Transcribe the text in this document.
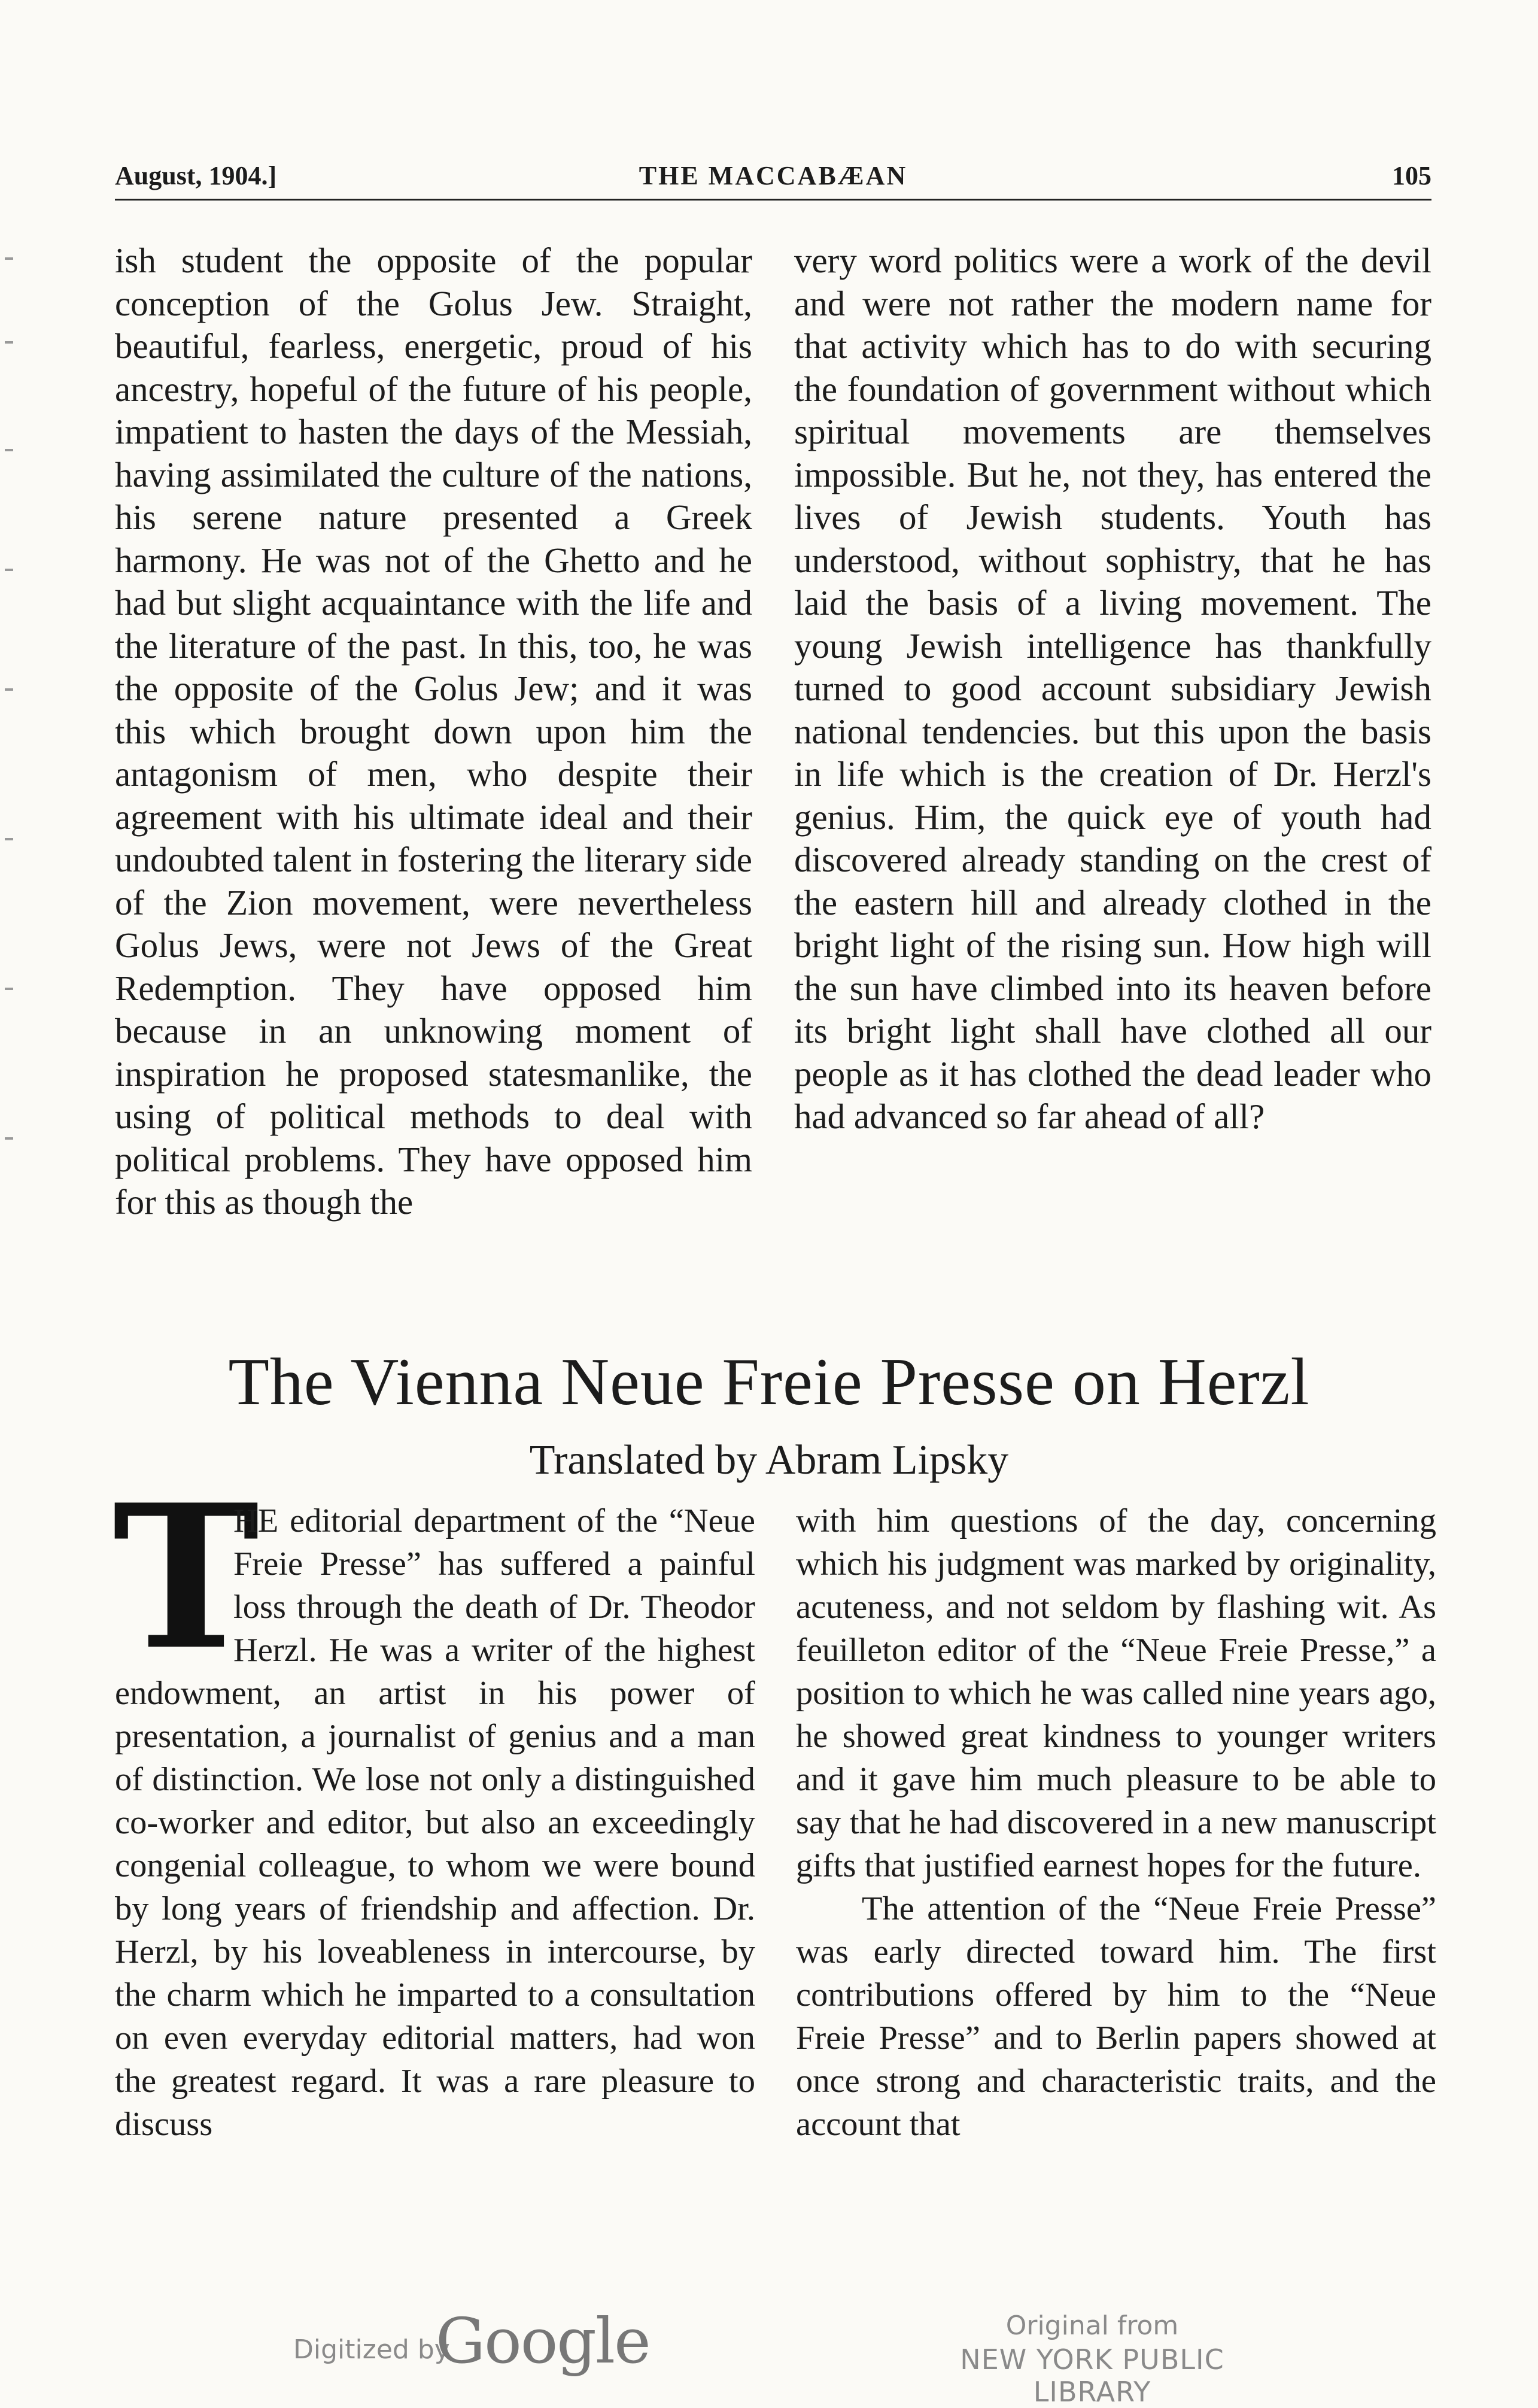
August, 1904.]	THE MACCABÆAN	105

ish student the opposite of the popular conception of the Golus Jew. Straight, beautiful, fearless, energetic, proud of his ancestry, hopeful of the future of his people, impatient to hasten the days of the Messiah, having assimilated the culture of the nations, his serene nature presented a Greek harmony. He was not of the Ghetto and he had but slight acquaintance with the life and the literature of the past. In this, too, he was the opposite of the Golus Jew; and it was this which brought down upon him the antagonism of men, who despite their agreement with his ultimate ideal and their undoubted talent in fostering the literary side of the Zion movement, were nevertheless Golus Jews, were not Jews of the Great Redemption. They have opposed him because in an unknowing moment of inspiration he proposed statesmanlike, the using of political methods to deal with political problems. They have opposed him for this as though the

very word politics were a work of the devil and were not rather the modern name for that activity which has to do with securing the foundation of government without which spiritual movements are themselves impossible. But he, not they, has entered the lives of Jewish students. Youth has understood, without sophistry, that he has laid the basis of a living movement. The young Jewish intelligence has thankfully turned to good account subsidiary Jewish national tendencies. but this upon the basis in life which is the creation of Dr. Herzl's genius. Him, the quick eye of youth had discovered already standing on the crest of the eastern hill and already clothed in the bright light of the rising sun. How high will the sun have climbed into its heaven before its bright light shall have clothed all our people as it has clothed the dead leader who had advanced so far ahead of all?

The Vienna Neue Freie Presse on Herzl
Translated by Abram Lipsky

T
HE editorial department of the “Neue Freie Presse” has suffered a painful loss through the death of Dr. Theodor Herzl. He was a writer of the highest endowment, an artist in his power of presentation, a journalist of genius and a man of distinction. We lose not only a distinguished co-worker and editor, but also an exceedingly congenial colleague, to whom we were bound by long years of friendship and affection. Dr. Herzl, by his loveableness in intercourse, by the charm which he imparted to a consultation on even everyday editorial matters, had won the greatest regard. It was a rare pleasure to discuss

with him questions of the day, concerning which his judgment was marked by originality, acuteness, and not seldom by flashing wit. As feuilleton editor of the “Neue Freie Presse,” a position to which he was called nine years ago, he showed great kindness to younger writers and it gave him much pleasure to be able to say that he had discovered in a new manuscript gifts that justified earnest hopes for the future.

The attention of the “Neue Freie Presse” was early directed toward him. The first contributions offered by him to the “Neue Freie Presse” and to Berlin papers showed at once strong and characteristic traits, and the account that

Digitized by
Google	Original from
NEW YORK PUBLIC LIBRARY
